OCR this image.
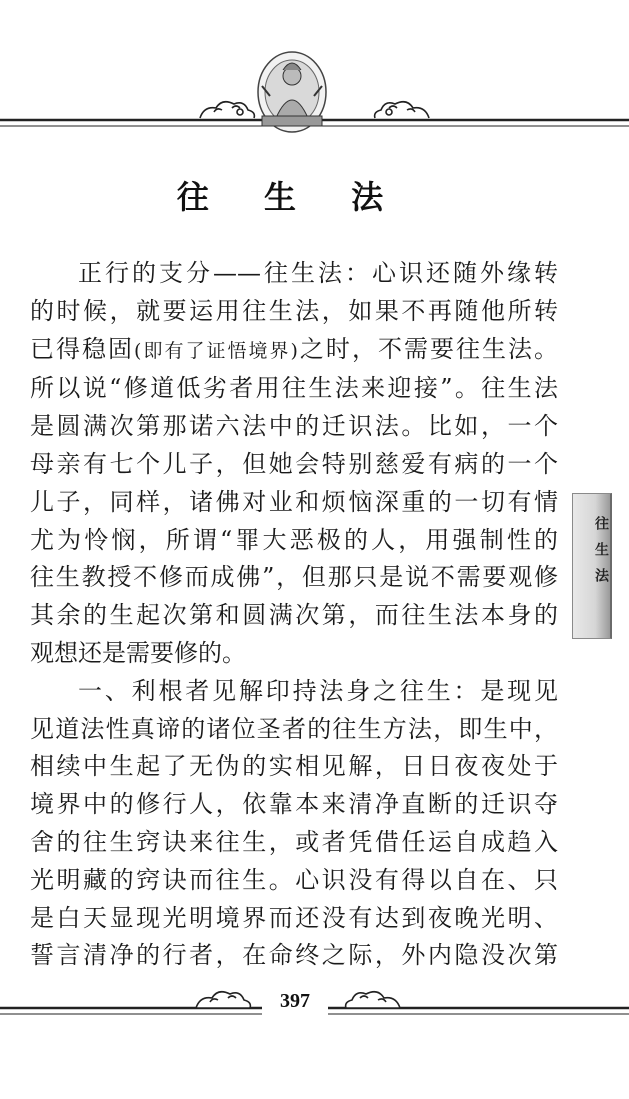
往 生 法
正行的支分——往生法：心识还随外缘转
的时候，就要运用往生法，如果不再随他所转
已得稳固(即有了证悟境界)之时，不需要往生法。
所以说“修道低劣者用往生法来迎接”。往生法
是圆满次第那诺六法中的迁识法。比如，一个
母亲有七个儿子，但她会特别慈爱有病的一个
儿子，同样，诸佛对业和烦恼深重的一切有情
尤为怜悯，所谓“罪大恶极的人，用强制性的
往生教授不修而成佛”，但那只是说不需要观修
其余的生起次第和圆满次第，而往生法本身的
观想还是需要修的。
一、利根者见解印持法身之往生：是现见
见道法性真谛的诸位圣者的往生方法，即生中，
相续中生起了无伪的实相见解，日日夜夜处于
境界中的修行人，依靠本来清净直断的迁识夺
舍的往生窍诀来往生，或者凭借任运自成趋入
光明藏的窍诀而往生。心识没有得以自在、只
是白天显现光明境界而还没有达到夜晚光明、
誓言清净的行者，在命终之际，外内隐没次第
往生法
397
